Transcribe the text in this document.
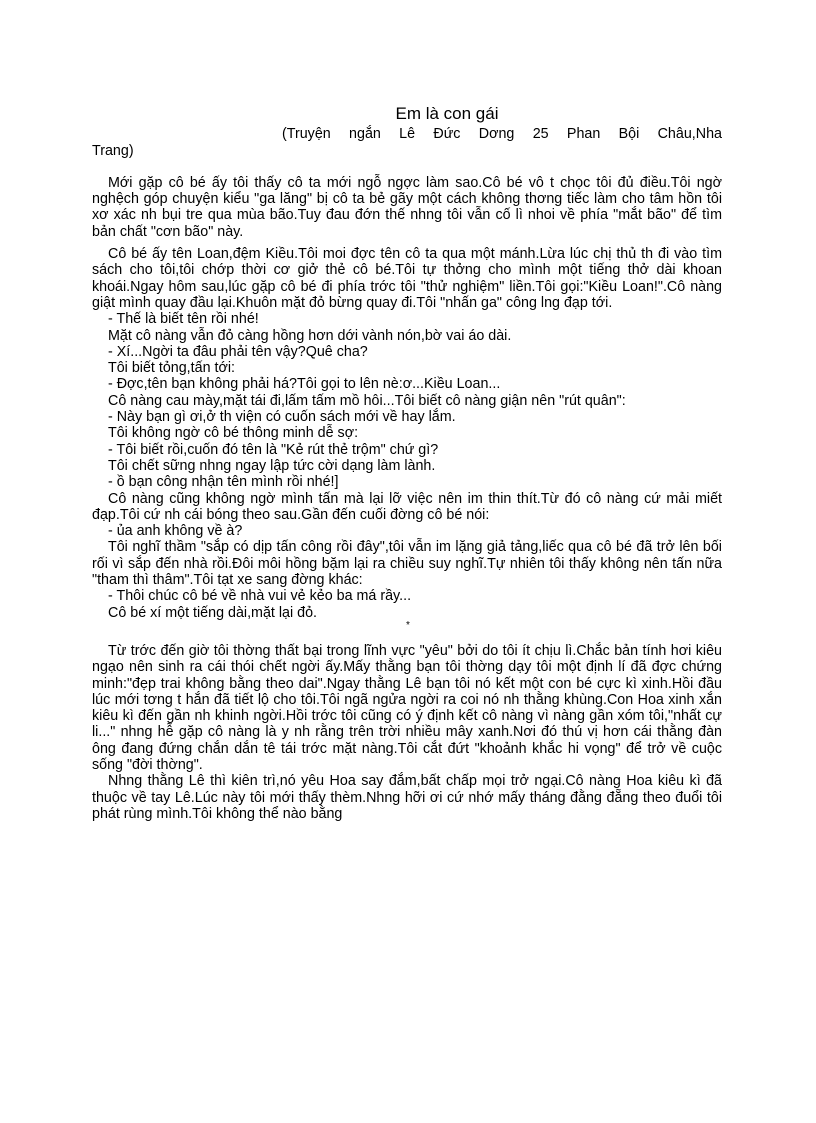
Em là con gái
(Truyện ngắn Lê Đức Dơng 25 Phan Bội Châu,Nha
Trang)

Mới gặp cô bé ấy tôi thấy cô ta mới ngỗ ngợc làm sao.Cô bé vô t chọc tôi đủ điều.Tôi ngờ nghệch góp chuyện kiểu "ga lăng" bị cô ta bẻ gãy một cách không thơng tiếc làm cho tâm hồn tôi xơ xác nh bụi tre qua mùa bão.Tuy đau đớn thế nhng tôi vẫn cố lì nhoi về phía "mắt bão" để tìm bản chất "cơn bão" này.

Cô bé ấy tên Loan,đệm Kiều.Tôi moi đợc tên cô ta qua một mánh.Lừa lúc chị thủ th đi vào tìm sách cho tôi,tôi chớp thời cơ giở thẻ cô bé.Tôi tự thởng cho mình một tiếng thở dài khoan khoái.Ngay hôm sau,lúc gặp cô bé đi phía trớc tôi "thử nghiệm" liền.Tôi gọi:"Kiều Loan!".Cô nàng giật mình quay đầu lại.Khuôn mặt đỏ bừng quay đi.Tôi "nhấn ga" công lng đạp tới.

- Thế là biết tên rồi nhé!

Mặt cô nàng vẫn đỏ càng hồng hơn dới vành nón,bờ vai áo dài.

- Xí...Ngời ta đâu phải tên vậy?Quê cha?

Tôi biết tỏng,tấn tới:

- Đợc,tên bạn không phải há?Tôi gọi to lên nè:ơ...Kiều Loan...

Cô nàng cau mày,mặt tái đi,lấm tấm mồ hôi...Tôi biết cô nàng giận nên "rút quân":

- Này bạn gì ơi,ở th viện có cuốn sách mới về hay lắm.

Tôi không ngờ cô bé thông minh dễ sợ:

- Tôi biết rồi,cuốn đó tên là "Kẻ rút thẻ trộm" chứ gì?

Tôi chết sững nhng ngay lập tức cời dạng làm lành.

- ồ bạn công nhận tên mình rồi nhé!]

Cô nàng cũng không ngờ mình tấn mà lại lỡ việc nên im thin thít.Từ đó cô nàng cứ mải miết đạp.Tôi cứ nh cái bóng theo sau.Gần đến cuối đờng cô bé nói:

- ủa anh không về à?

Tôi nghĩ thầm "sắp có dịp tấn công rồi đây",tôi vẫn im lặng giả tảng,liếc qua cô bé đã trở lên bối rối vì sắp đến nhà rồi.Đôi môi hồng bặm lại ra chiều suy nghĩ.Tự nhiên tôi thấy không nên tấn nữa "tham thì thâm".Tôi tạt xe sang đờng khác:

- Thôi chúc cô bé về nhà vui vẻ kẻo ba má rầy...

Cô bé xí một tiếng dài,mặt lại đỏ.

*

Từ trớc đến giờ tôi thờng thất bại trong lĩnh vực "yêu" bởi do tôi ít chịu lì.Chắc bản tính hơi kiêu ngạo nên sinh ra cái thói chết ngời ấy.Mấy thằng bạn tôi thờng dạy tôi một định lí đã đợc chứng minh:"đẹp trai không bằng theo dai".Ngay thằng Lê bạn tôi nó kết một con bé cực kì xinh.Hồi đầu lúc mới tơng t hắn đã tiết lộ cho tôi.Tôi ngã ngửa ngời ra coi nó nh thằng khùng.Con Hoa xinh xắn kiêu kì đến gần nh khinh ngời.Hồi trớc tôi cũng có ý định kết cô nàng vì nàng gần xóm tôi,"nhất cự li..." nhng hễ gặp cô nàng là y nh rằng trên trời nhiều mây xanh.Nơi đó thú vị hơn cái thằng đàn ông đang đứng chắn dắn tê tái trớc mặt nàng.Tôi cắt đứt "khoảnh khắc hi vọng" để trở về cuộc sống "đời thờng".

Nhng thằng Lê thì kiên trì,nó yêu Hoa say đắm,bất chấp mọi trở ngại.Cô nàng Hoa kiêu kì đã thuộc về tay Lê.Lúc này tôi mới thấy thèm.Nhng hỡi ơi cứ nhớ mấy tháng đằng đẵng theo đuổi tôi phát rùng mình.Tôi không thể nào bằng
